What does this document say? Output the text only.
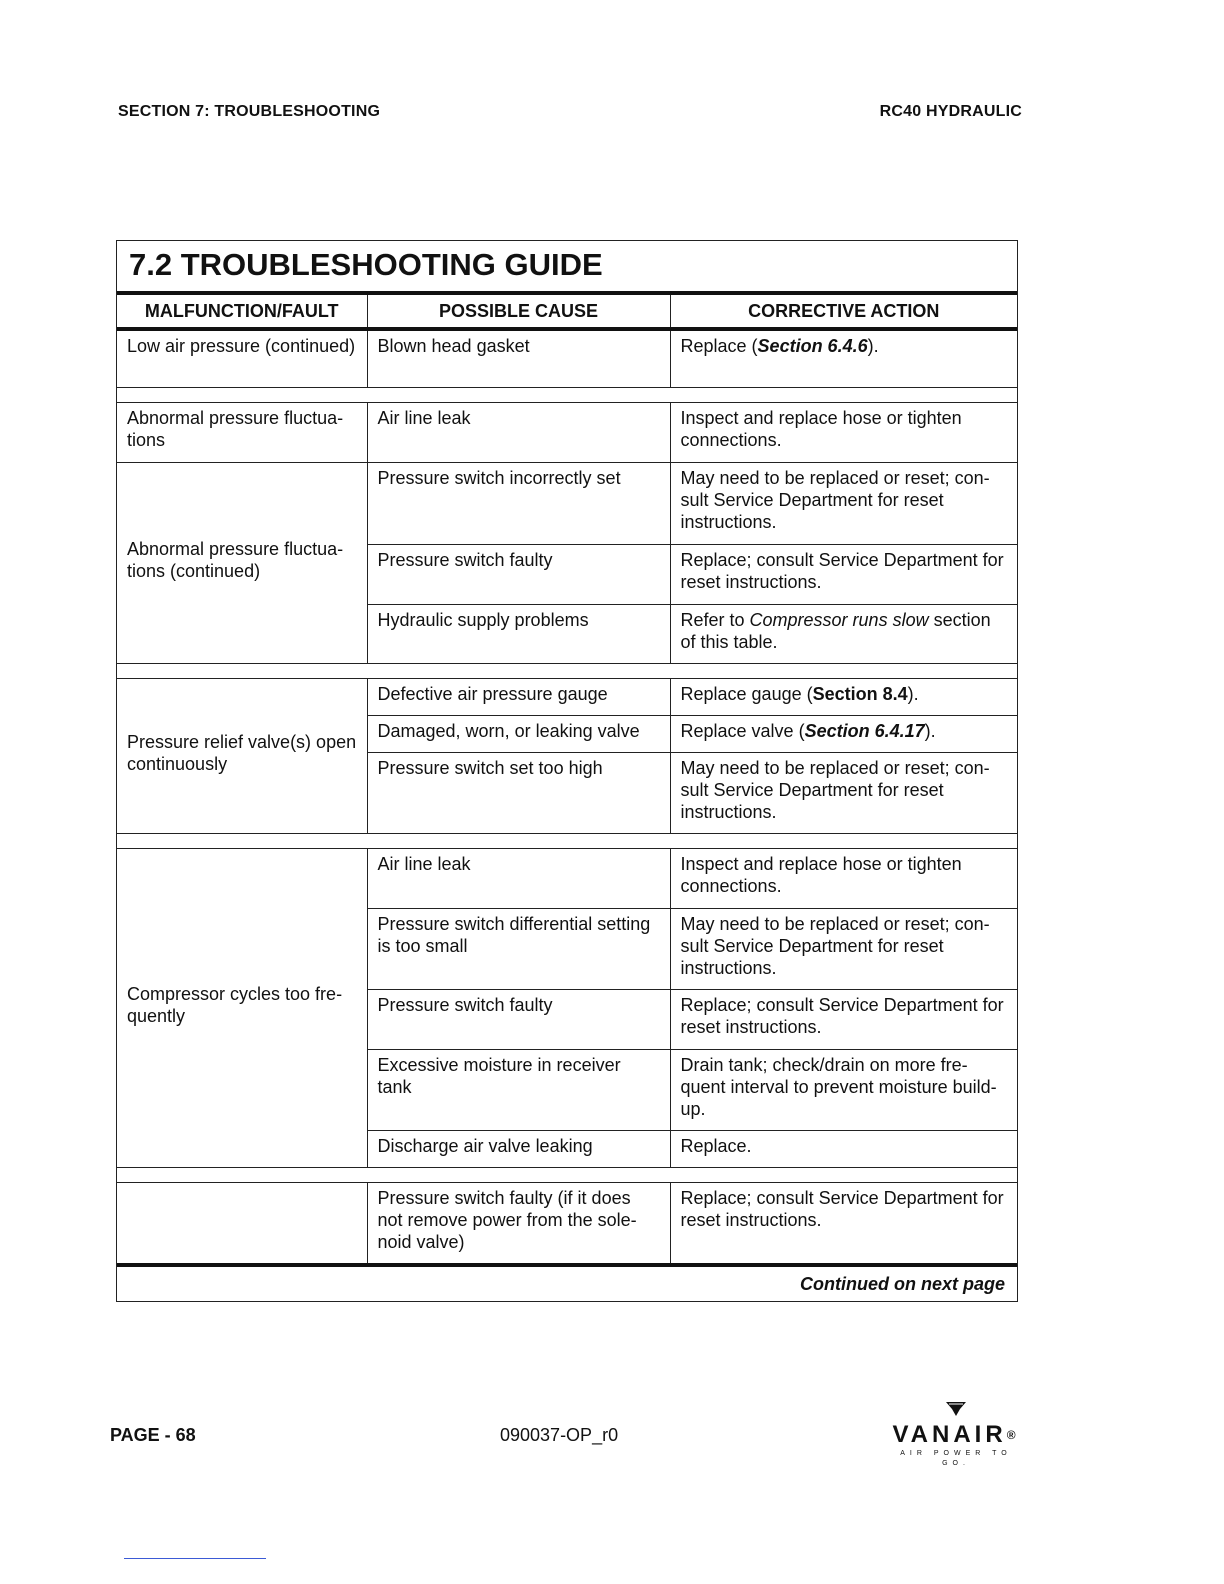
SECTION 7: TROUBLESHOOTING	RC40 HYDRAULIC
7.2 TROUBLESHOOTING GUIDE
MALFUNCTION/FAULT	POSSIBLE CAUSE	CORRECTIVE ACTION
Low air pressure (continued)	Blown head gasket	Replace (Section 6.4.6).

Abnormal pressure fluctua- tions	Air line leak	Inspect and replace hose or tighten connections.
Abnormal pressure fluctua- tions (continued)	Pressure switch incorrectly set	May need to be replaced or reset; con- sult Service Department for reset instructions.
	Pressure switch faulty	Replace; consult Service Department for reset instructions.
	Hydraulic supply problems	Refer to Compressor runs slow section of this table.

Pressure relief valve(s) open continuously	Defective air pressure gauge	Replace gauge (Section 8.4).
	Damaged, worn, or leaking valve	Replace valve (Section 6.4.17).
	Pressure switch set too high	May need to be replaced or reset; con- sult Service Department for reset instructions.

Compressor cycles too fre- quently	Air line leak	Inspect and replace hose or tighten connections.
	Pressure switch differential setting is too small	May need to be replaced or reset; con- sult Service Department for reset instructions.
	Pressure switch faulty	Replace; consult Service Department for reset instructions.
	Excessive moisture in receiver tank	Drain tank; check/drain on more fre- quent interval to prevent moisture build- up.
	Discharge air valve leaking	Replace.

	Pressure switch faulty (if it does not remove power from the sole- noid valve)	Replace; consult Service Department for reset instructions.
Continued on next page		
PAGE - 68	090037-OP_r0	VANAIR®
AIR POWER TO GO.
